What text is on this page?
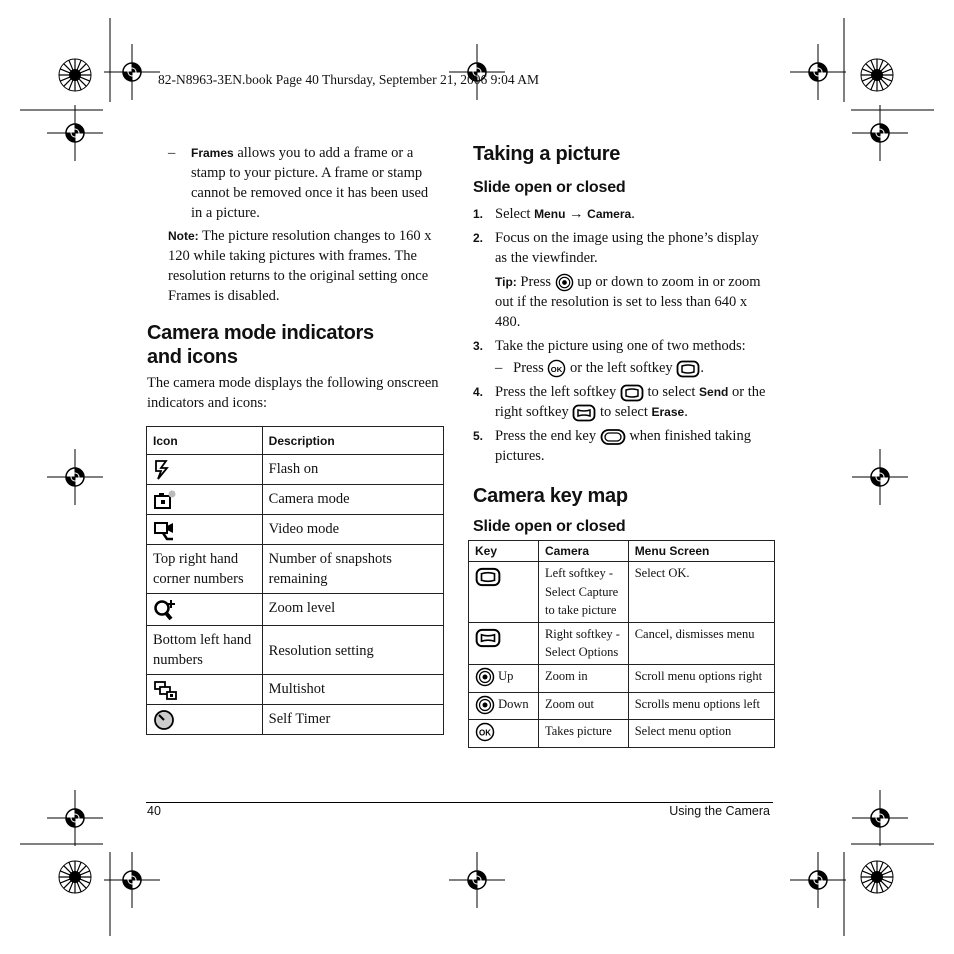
82-N8963-3EN.book Page 40 Thursday, September 21, 2006 9:04 AM
–	Frames allows you to add a frame or a stamp to your picture. A frame or stamp cannot be removed once it has been used in a picture.
Note: The picture resolution changes to 160 x 120 while taking pictures with frames. The resolution returns to the original setting once Frames is disabled.
Camera mode indicators
and icons
The camera mode displays the following onscreen indicators and icons:
Icon	Description
	Flash on
	Camera mode
	Video mode
Top right hand corner numbers	Number of snapshots remaining
	Zoom level
Bottom left hand numbers	Resolution setting
	Multishot
	Self Timer
Taking a picture
Slide open or closed
1. Select Menu → Camera.
2. Focus on the image using the phone’s display as the viewfinder.
Tip: Press  up or down to zoom in or zoom out if the resolution is set to less than 640 x 480.
3. Take the picture using one of two methods:
– Press OK or the left softkey .
4. Press the left softkey  to select Send or the right softkey  to select Erase.
5. Press the end key  when finished taking pictures.
Camera key map
Slide open or closed
Key	Camera	Menu Screen
	Left softkey - Select Capture to take picture	Select OK.
	Right softkey - Select Options	Cancel, dismisses menu
Up	Zoom in	Scroll menu options right
Down	Zoom out	Scrolls menu options left

OK	Takes picture	Select menu option
40	Using the Camera
